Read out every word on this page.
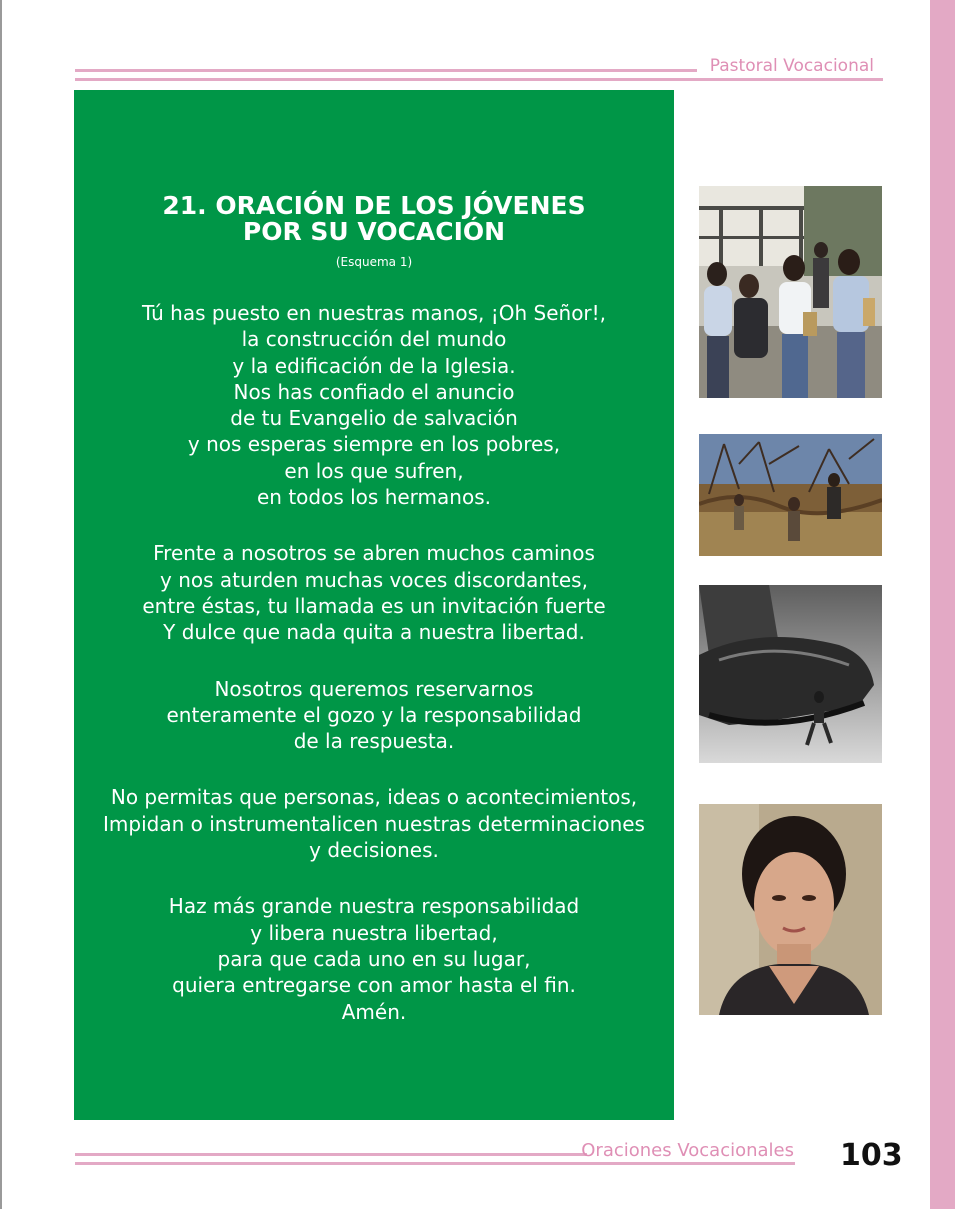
Pastoral Vocacional
21. ORACIÓN DE LOS JÓVENES
POR SU VOCACIÓN
(Esquema 1)
Tú has puesto en nuestras manos, ¡Oh Señor!,
la construcción del mundo
y la edificación de la Iglesia.
Nos has confiado el anuncio
de tu Evangelio de salvación
y nos esperas siempre en los pobres,
en los que sufren,
en todos los hermanos.
Frente a nosotros se abren muchos caminos
y nos aturden muchas voces discordantes,
entre éstas, tu llamada es un invitación fuerte
Y dulce que nada quita a nuestra libertad.
Nosotros queremos reservarnos
enteramente el gozo y la responsabilidad
de la respuesta.
No permitas que personas, ideas o acontecimientos,
Impidan o instrumentalicen nuestras determinaciones
y decisiones.
Haz más grande nuestra responsabilidad
y libera nuestra libertad,
para que cada uno en su lugar,
quiera entregarse con amor hasta el fin.
Amén.
Oraciones Vocacionales 103
